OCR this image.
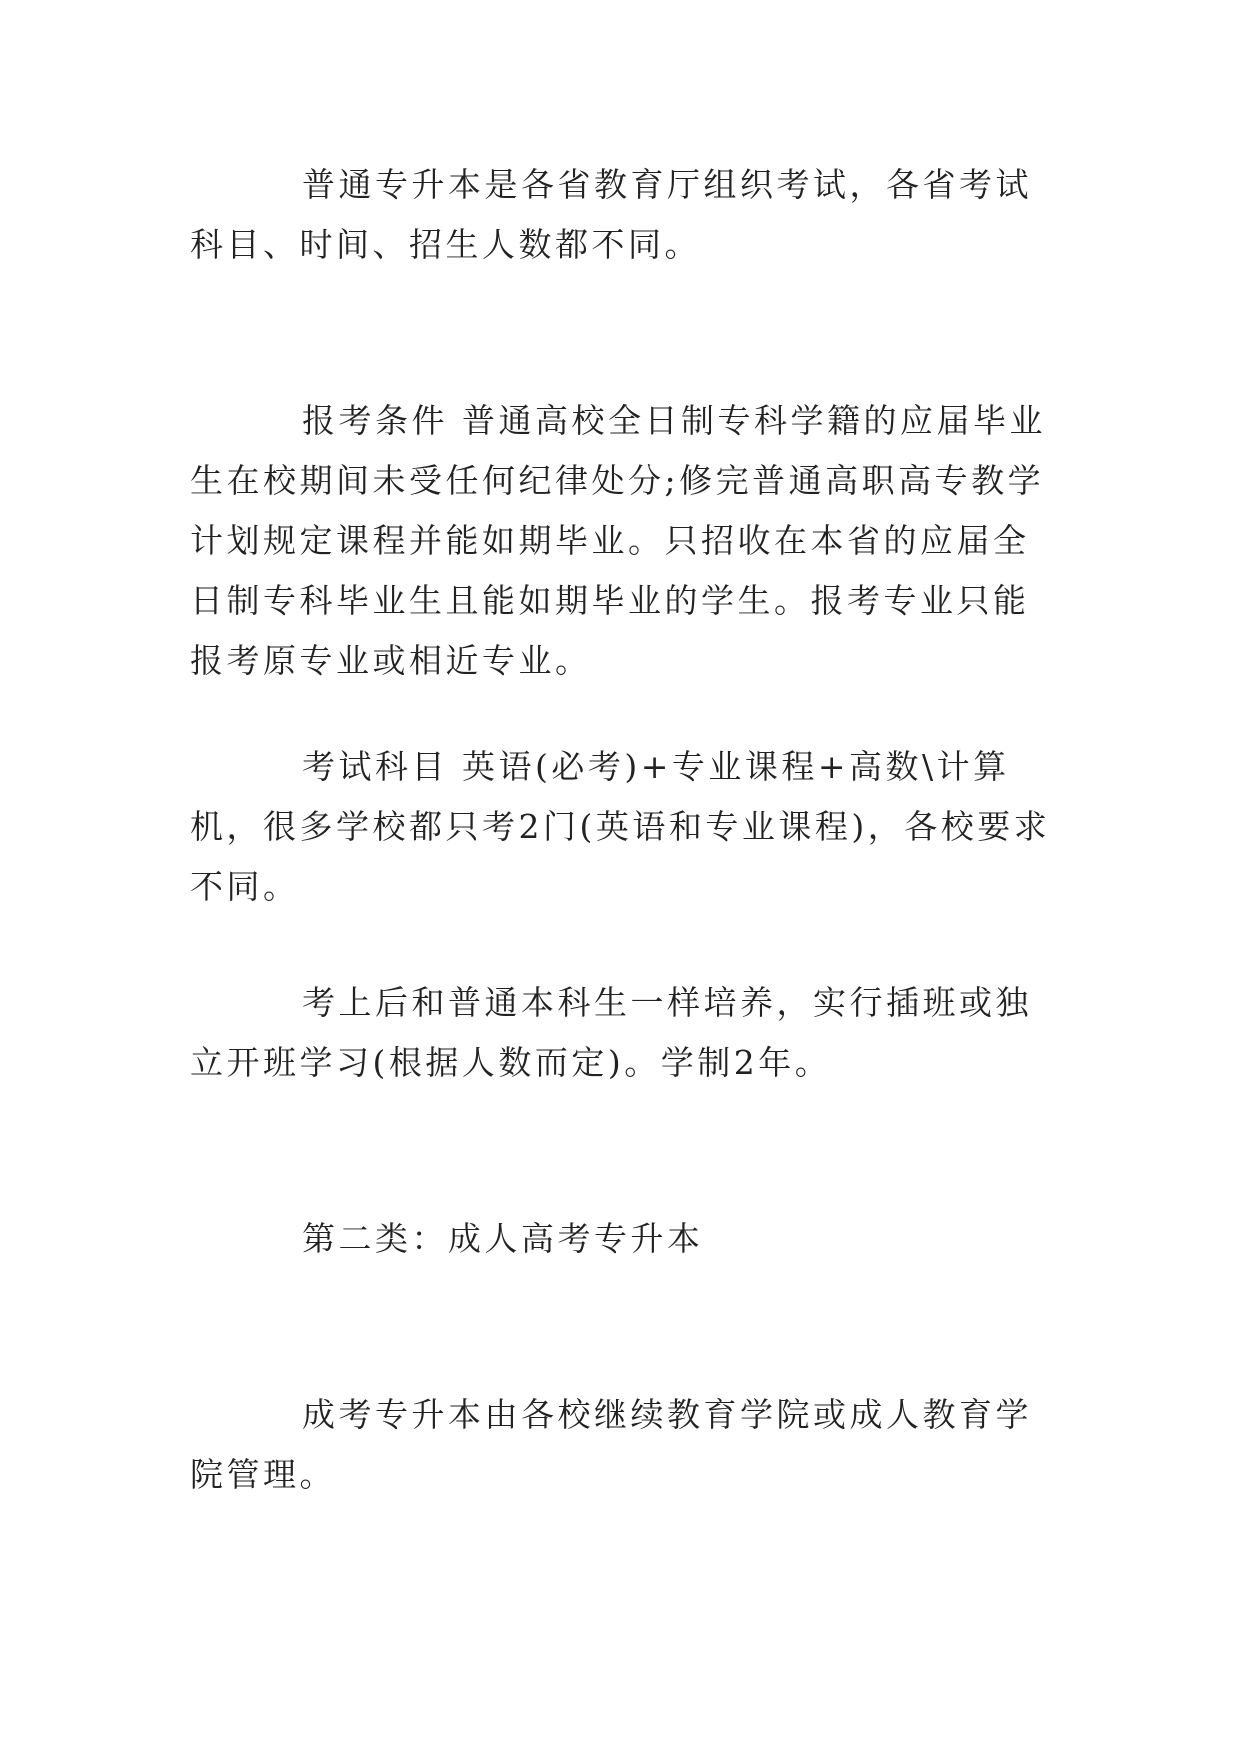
普通专升本是各省教育厅组织考试，各省考试科目、时间、招生人数都不同。

报考条件 普通高校全日制专科学籍的应届毕业生在校期间未受任何纪律处分;修完普通高职高专教学计划规定课程并能如期毕业。只招收在本省的应届全日制专科毕业生且能如期毕业的学生。报考专业只能报考原专业或相近专业。

考试科目 英语(必考)+专业课程+高数\计算机，很多学校都只考2门(英语和专业课程)，各校要求不同。

考上后和普通本科生一样培养，实行插班或独立开班学习(根据人数而定)。学制2年。

第二类：成人高考专升本

成考专升本由各校继续教育学院或成人教育学院管理。
